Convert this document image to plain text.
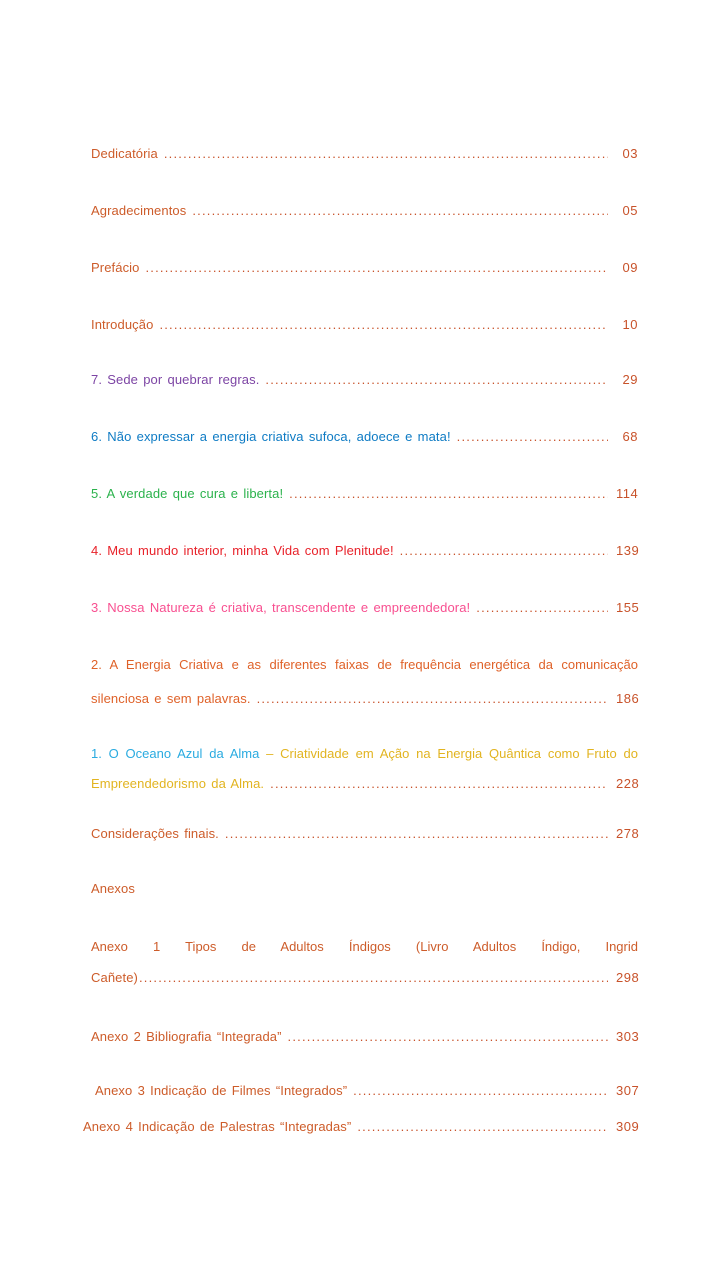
Dedicatória .....	03
Agradecimentos .....	05
Prefácio .....	09
Introdução .....	10
7. Sede por quebrar regras. .....	29
6. Não expressar a energia criativa sufoca, adoece e mata! .....	68
5. A verdade que cura e liberta! .....	114
4. Meu mundo interior, minha Vida com Plenitude! .....	139
3. Nossa Natureza é criativa, transcendente e empreendedora! .....	155
2. A Energia Criativa e as diferentes faixas de frequência energética da comunicação
silenciosa e sem palavras. .....	186
1. O Oceano Azul da Alma – Criatividade em Ação na Energia Quântica como Fruto do
Empreendedorismo da Alma. .....	228
Considerações finais. .....	278
Anexos
Anexo 1 Tipos de Adultos Índigos (Livro Adultos Índigo, Ingrid
Cañete) .....	298
Anexo 2 Bibliografia “Integrada” .....	303
Anexo 3 Indicação de Filmes “Integrados” .....	307
Anexo 4 Indicação de Palestras “Integradas” .....	309
